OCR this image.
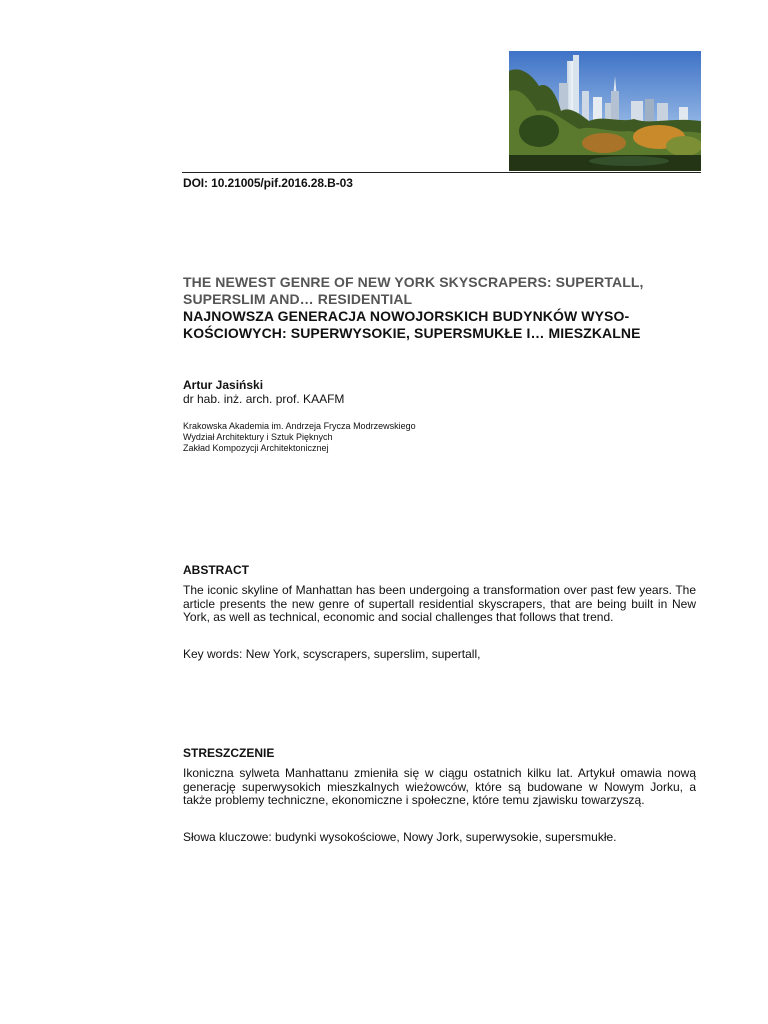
DOI: 10.21005/pif.2016.28.B-03
THE NEWEST GENRE OF NEW YORK SKYSCRAPERS: SUPERTALL,
SUPERSLIM AND… RESIDENTIAL
NAJNOWSZA GENERACJA NOWOJORSKICH BUDYNKÓW WYSO-
KOŚCIOWYCH: SUPERWYSOKIE, SUPERSMUKŁE I… MIESZKALNE
Artur Jasiński
dr hab. inż. arch. prof. KAAFM
Krakowska Akademia im. Andrzeja Frycza Modrzewskiego
Wydział Architektury i Sztuk Pięknych
Zakład Kompozycji Architektonicznej
ABSTRACT
The iconic skyline of Manhattan has been undergoing a transformation over past few years. The article presents the new genre of supertall residential skyscrapers, that are being built in New York, as well as technical, economic and social challenges that follows that trend.
Key words: New York, scyscrapers, superslim, supertall,
STRESZCZENIE
Ikoniczna sylweta Manhattanu zmieniła się w ciągu ostatnich kilku lat. Artykuł omawia nową generację superwysokich mieszkalnych wieżowców, które są budowane w Nowym Jorku, a także problemy techniczne, ekonomiczne i społeczne, które temu zjawisku towarzyszą.
Słowa kluczowe: budynki wysokościowe, Nowy Jork, superwysokie, supersmukłe.
